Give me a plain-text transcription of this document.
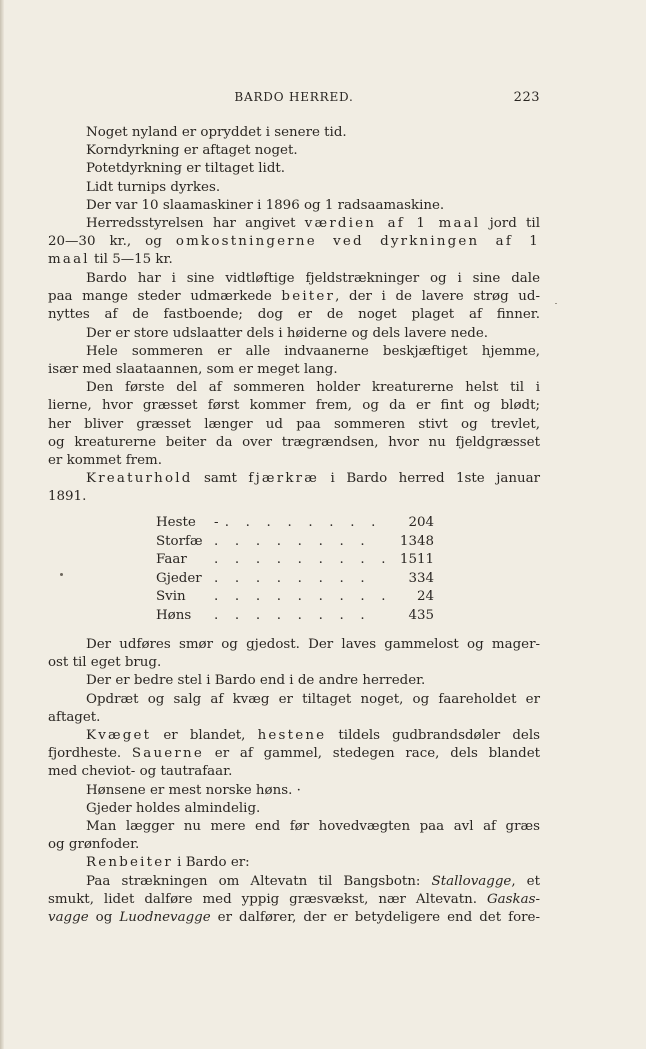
BARDO HERRED.	223
Noget nyland er opryddet i senere tid.
Korndyrkning er aftaget noget.
Potetdyrkning er tiltaget lidt.
Lidt turnips dyrkes.
Der var 10 slaamaskiner i 1896 og 1 radsaamaskine.
Herredsstyrelsen har angivet værdien af 1 maal jord til
20—30 kr., og omkostningerne ved dyrkningen af 1
maal til 5—15 kr.
Bardo har i sine vidtløftige fjeldstrækninger og i sine dale
paa mange steder udmærkede beiter, der i de lavere strøg ud-
nyttes af de fastboende; dog er de noget plaget af finner.
Der er store udslaatter dels i høiderne og dels lavere nede.
Hele sommeren er alle indvaanerne beskjæftiget hjemme,
især med slaataannen, som er meget lang.
Den første del af sommeren holder kreaturerne helst til i
lierne, hvor græsset først kommer frem, og da er fint og blødt;
her bliver græsset længer ud paa sommeren stivt og trevlet,
og kreaturerne beiter da over trægrændsen, hvor nu fjeldgræsset
er kommet frem.
Kreaturhold samt fjærkræ i Bardo herred 1ste januar
1891.
Heste -. . . . . . . . 204
Storfæ . . . . . . . . 1348
Faar . . . . . . . . . 1511
Gjeder . . . . . . . .	334
Svin . . . . . . . . . 24
Høns . . . . . . . .	435
Der udføres smør og gjedost. Der laves gammelost og mager-
ost til eget brug.
Der er bedre stel i Bardo end i de andre herreder.
Opdræt og salg af kvæg er tiltaget noget, og faareholdet er
aftaget.
Kvæget er blandet, hestene tildels gudbrandsdøler dels
fjordheste. Sauerne er af gammel, stedegen race, dels blandet
med cheviot- og tautrafaar.
Hønsene er mest norske høns. ·
Gjeder holdes almindelig.
Man lægger nu mere end før hovedvægten paa avl af græs
og grønfoder.
Renbeiter i Bardo er:
Paa strækningen om Altevatn til Bangsbotn: Stallovagge, et
smukt, lidet dalføre med yppig græsvækst, nær Altevatn. Gaskas-
vagge og Luodnevagge er dalfører, der er betydeligere end det fore-
